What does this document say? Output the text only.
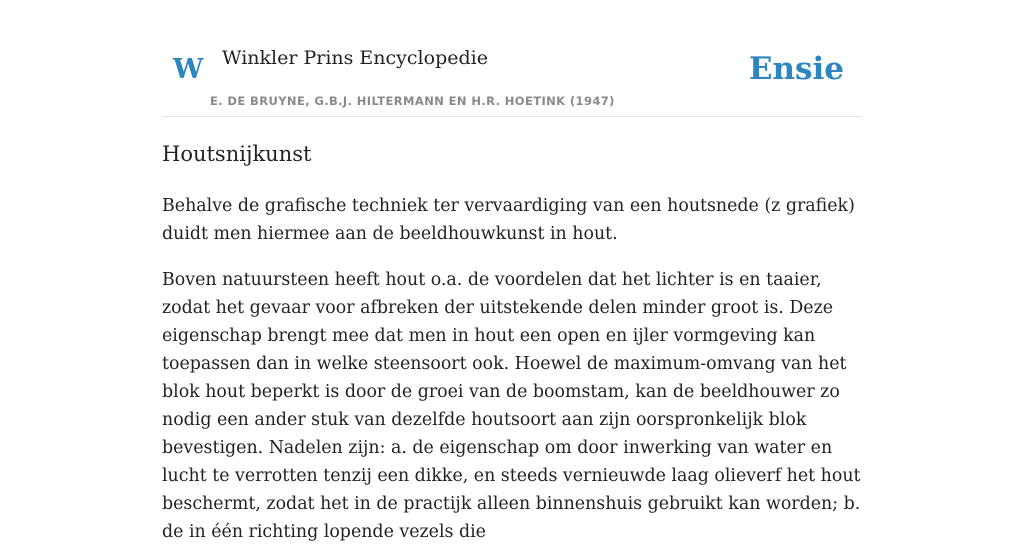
W Winkler Prins Encyclopedie
E. DE BRUYNE, G.B.J. HILTERMANN EN H.R. HOETINK (1947)
Ensie
Houtsnijkunst

Behalve de grafische techniek ter vervaardiging van een houtsnede (z grafiek) duidt men hiermee aan de beeldhouwkunst in hout.

Boven natuursteen heeft hout o.a. de voordelen dat het lichter is en taaier, zodat het gevaar voor afbreken der uitstekende delen minder groot is. Deze eigenschap brengt mee dat men in hout een open en ijler vormgeving kan toepassen dan in welke steensoort ook. Hoewel de maximum-omvang van het blok hout beperkt is door de groei van de boomstam, kan de beeldhouwer zo nodig een ander stuk van dezelfde houtsoort aan zijn oorspronkelijk blok bevestigen. Nadelen zijn: a. de eigenschap om door inwerking van water en lucht te verrotten tenzij een dikke, en steeds vernieuwde laag olieverf het hout beschermt, zodat het in de practijk alleen binnenshuis gebruikt kan worden; b. de in één richting lopende vezels die
